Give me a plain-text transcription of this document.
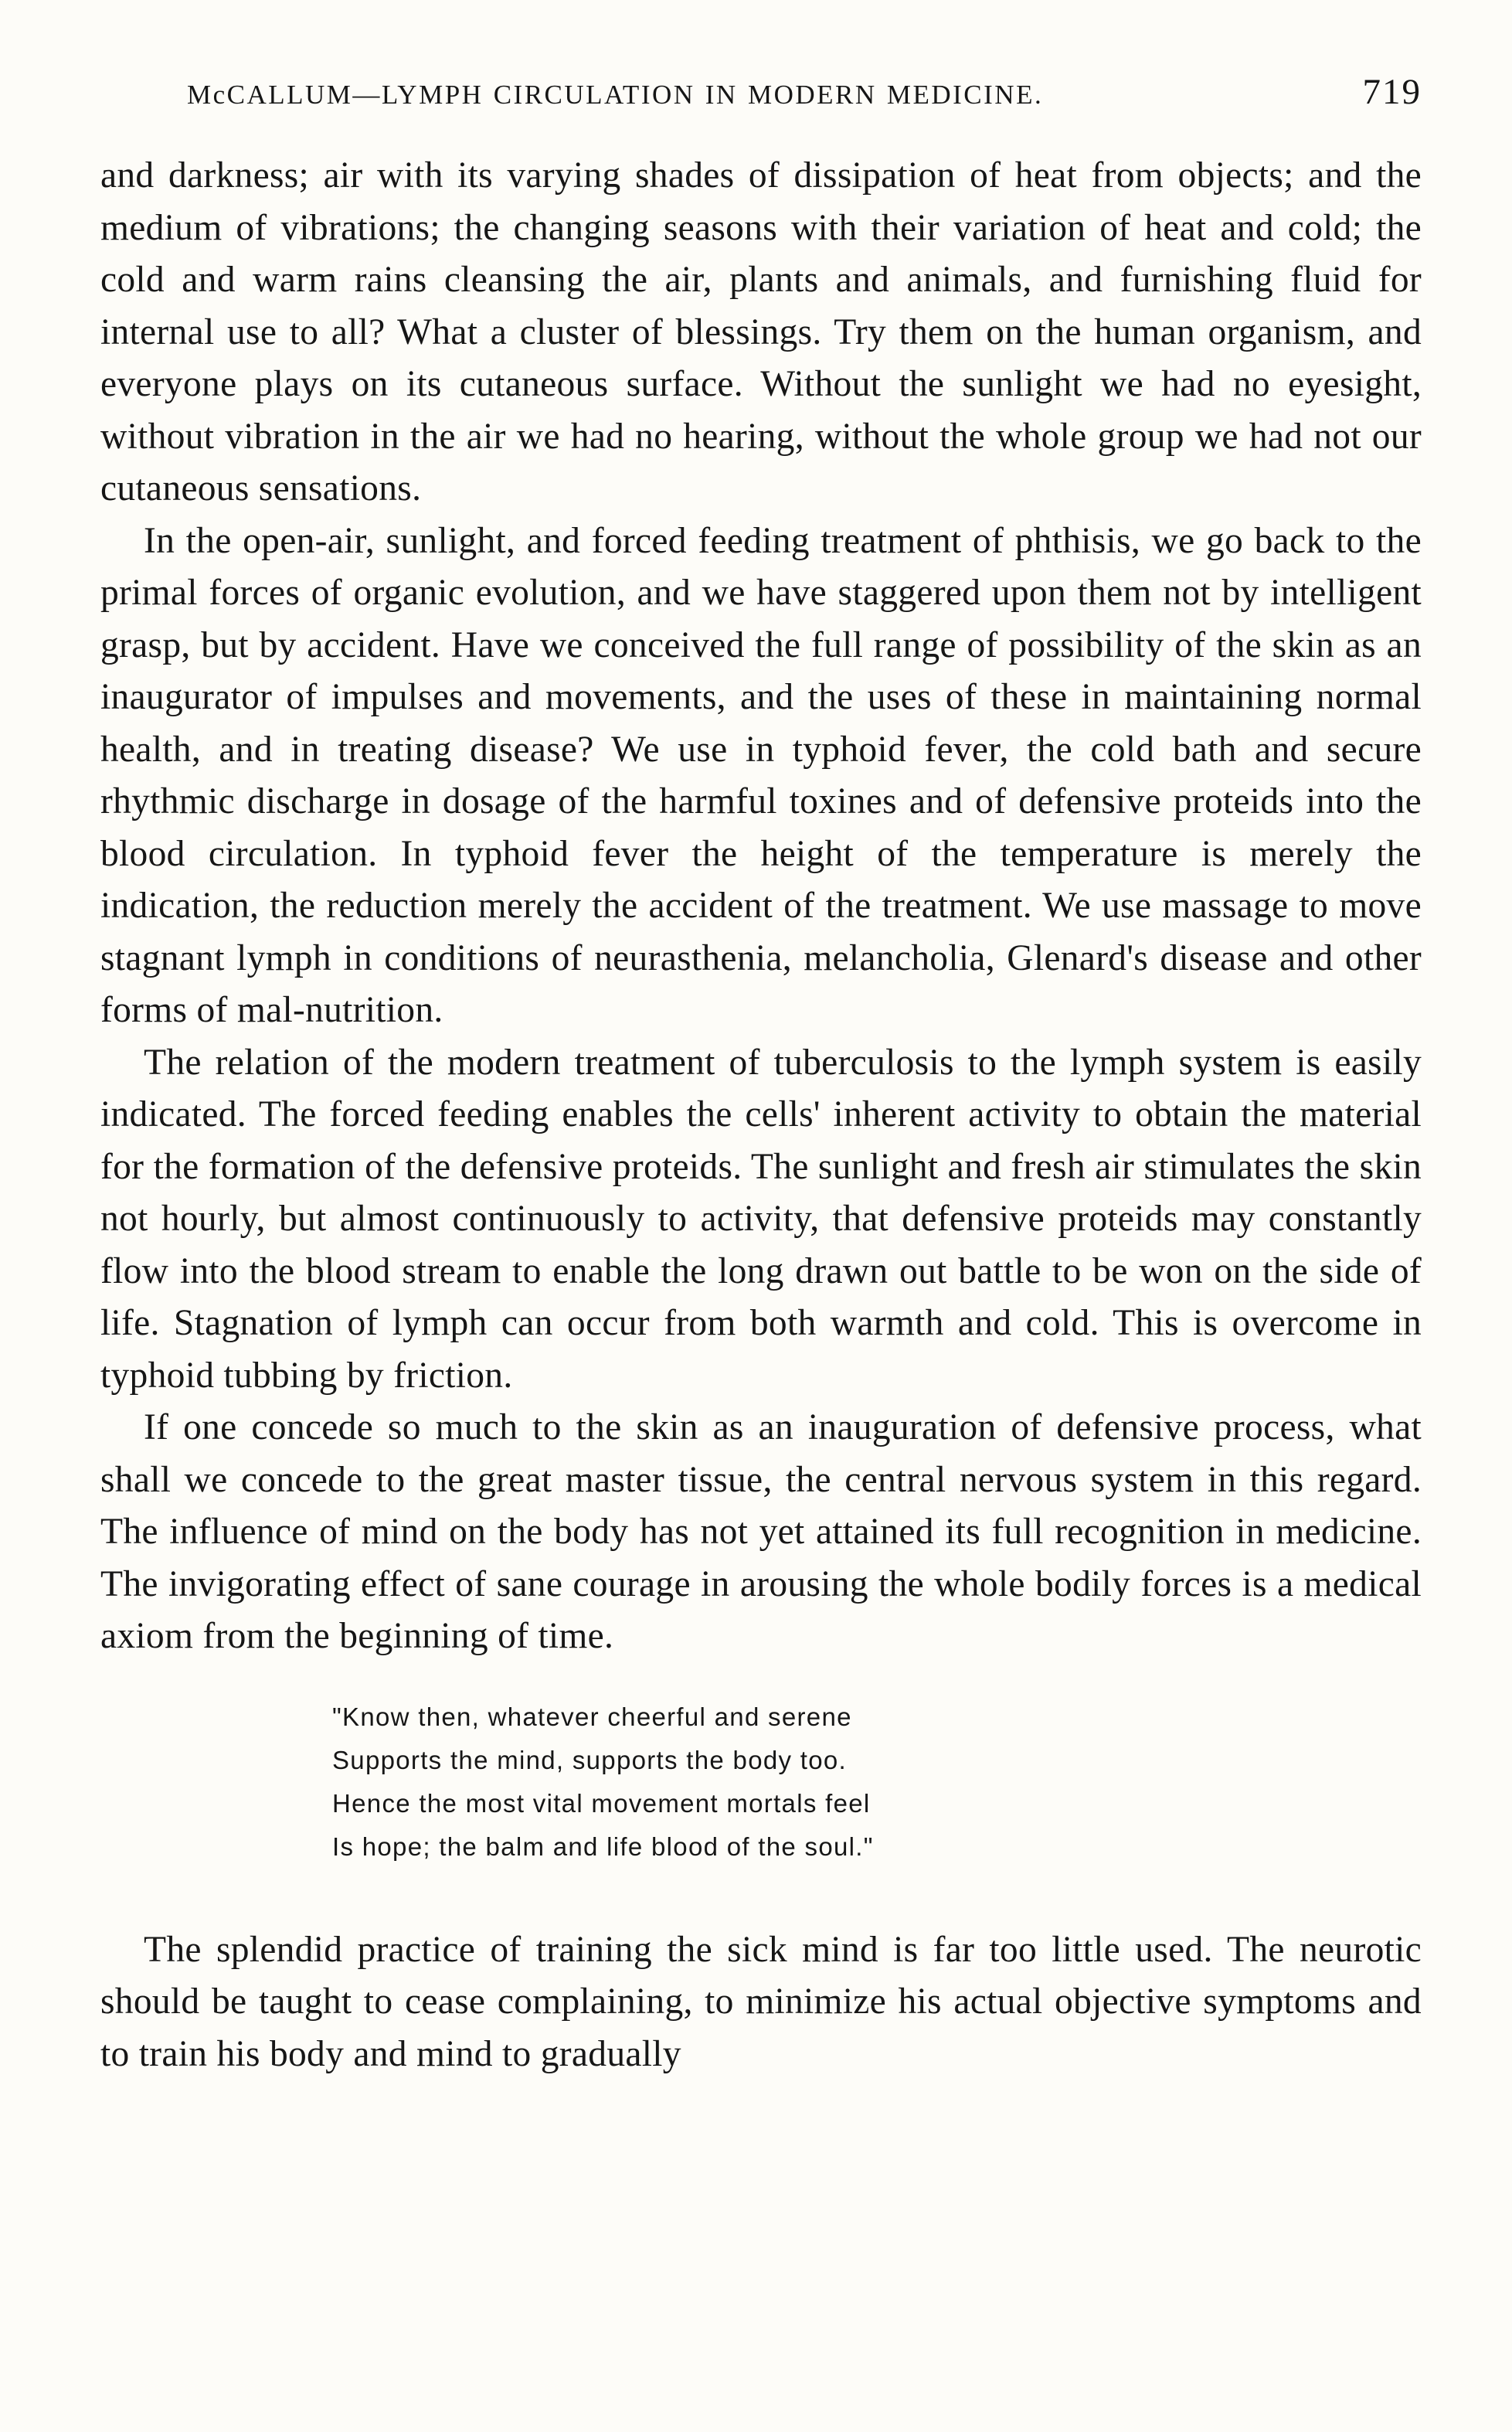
McCALLUM—LYMPH CIRCULATION IN MODERN MEDICINE.	719

and darkness; air with its varying shades of dissipation of heat from objects; and the medium of vibrations; the changing seasons with their variation of heat and cold; the cold and warm rains cleansing the air, plants and animals, and furnishing fluid for internal use to all? What a cluster of blessings. Try them on the human organism, and everyone plays on its cutaneous surface. Without the sunlight we had no eyesight, without vibration in the air we had no hearing, without the whole group we had not our cutaneous sensations.

In the open-air, sunlight, and forced feeding treatment of phthisis, we go back to the primal forces of organic evolution, and we have staggered upon them not by intelligent grasp, but by accident. Have we conceived the full range of possibility of the skin as an inaugurator of impulses and movements, and the uses of these in maintaining normal health, and in treating disease? We use in typhoid fever, the cold bath and secure rhythmic discharge in dosage of the harmful toxines and of defensive proteids into the blood circulation. In typhoid fever the height of the temperature is merely the indication, the reduction merely the accident of the treatment. We use massage to move stagnant lymph in conditions of neurasthenia, melancholia, Glenard's disease and other forms of mal-nutrition.

The relation of the modern treatment of tuberculosis to the lymph system is easily indicated. The forced feeding enables the cells' inherent activity to obtain the material for the formation of the defensive proteids. The sunlight and fresh air stimulates the skin not hourly, but almost continuously to activity, that defensive proteids may constantly flow into the blood stream to enable the long drawn out battle to be won on the side of life. Stagnation of lymph can occur from both warmth and cold. This is overcome in typhoid tubbing by friction.

If one concede so much to the skin as an inauguration of defensive process, what shall we concede to the great master tissue, the central nervous system in this regard. The influence of mind on the body has not yet attained its full recognition in medicine. The invigorating effect of sane courage in arousing the whole bodily forces is a medical axiom from the beginning of time.

"Know then, whatever cheerful and serene
Supports the mind, supports the body too.
Hence the most vital movement mortals feel
Is hope; the balm and life blood of the soul."

The splendid practice of training the sick mind is far too little used. The neurotic should be taught to cease complaining, to minimize his actual objective symptoms and to train his body and mind to gradually
